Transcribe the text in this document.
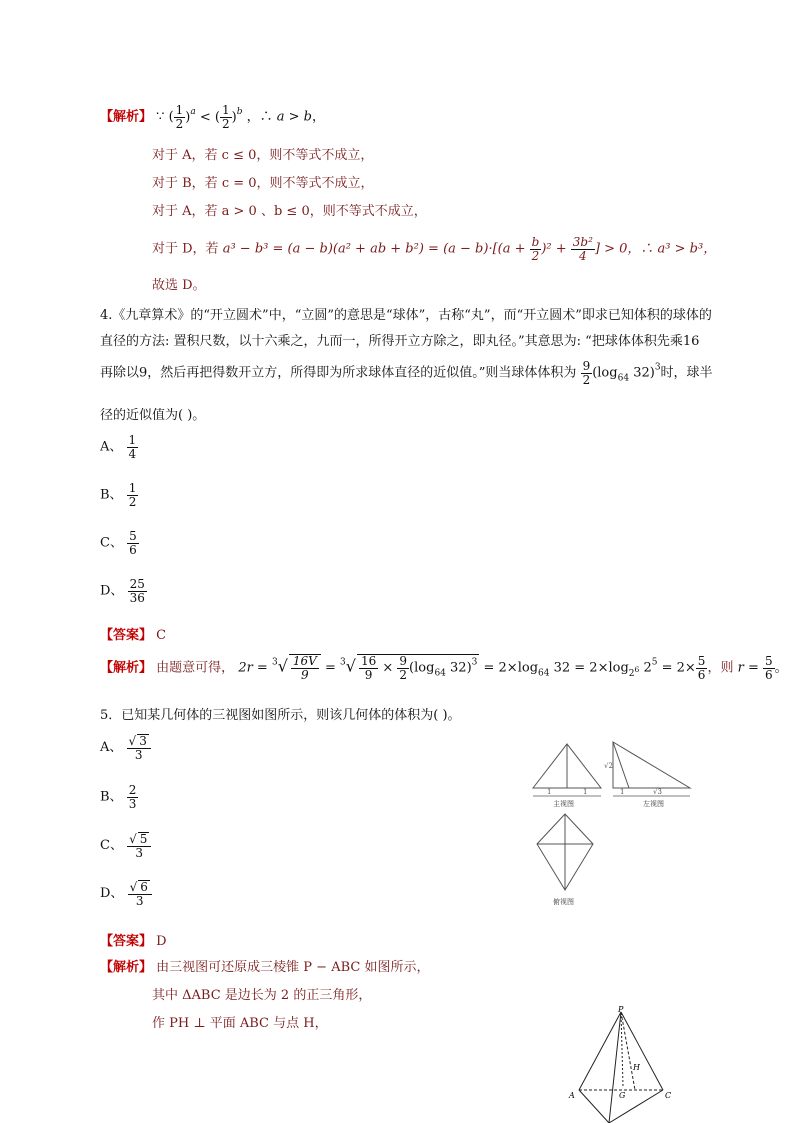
【解析】 ∵ ( $\frac{1}{2} )^a$ < ( $\frac{1}{2} )^b$ ，∴ a > b，
对于 A，若 c ≤ 0，则不等式不成立，
对于 B，若 c = 0，则不等式不成立，
对于 A，若 a > 0 、b ≤ 0，则不等式不成立，
对于 D，若 a³ − b³ = (a − b)(a² + ab + $b^2) = (a - b)\cdot[(a + \frac{b}{2} )^2 + \frac{\text{3b²}}{4}$ ] > 0，∴ a³ > b³，
故选 D。
4.《九章算术》的“开立圆术”中，“立圆”的意思是“球体”，古称“丸”，而“开立圆术”即求已知体积的球体的
直径的方法: 置积尺数，以十六乘之，九而一，所得开立方除之，即丸径。”其意思为: “把球体体积先乘16
再除以9，然后再把得数开立方，所得即为所求球体直径的近似值。”则当球体体积为 $\frac{9}{2} (\log_{64}$ 32)$^3$时，球半
径的近似值为( )。
A、 $\frac{1}{4}$
B、 $\frac{1}{2}$
C、 $\frac{5}{6}$
D、 $\frac{25}{36}$
【答案】 C
【解析】 由题意可得， $2r = ^3√ \frac{16V}{9} = ^3√ \frac{16}{9} \times \frac{9}{2} (\log_{64}$ $32)^3 = 2\times\log_{64}$ $32 = 2\times\log_{2^6}$ $2^5 = 2\times \frac{5}{6}$ ，则 $r = \frac{5}{6}$ 。
5．已知某几何体的三视图如图所示，则该几何体的体积为( )。
A、 $\frac{√ 3}{3}$
B、 $\frac{2}{3}$
C、 $\frac{√ 5}{3}$
D、 $\frac{√ 6}{3}$
【答案】 D
【解析】 由三视图可还原成三棱锥 P − ABC 如图所示，
其中 ΔABC 是边长为 2 的正三角形，
作 PH ⊥ 平面 ABC 与点 H，
1	1
主视图
√2
1	√3
左视图
俯视图
P
H
A	G	C
